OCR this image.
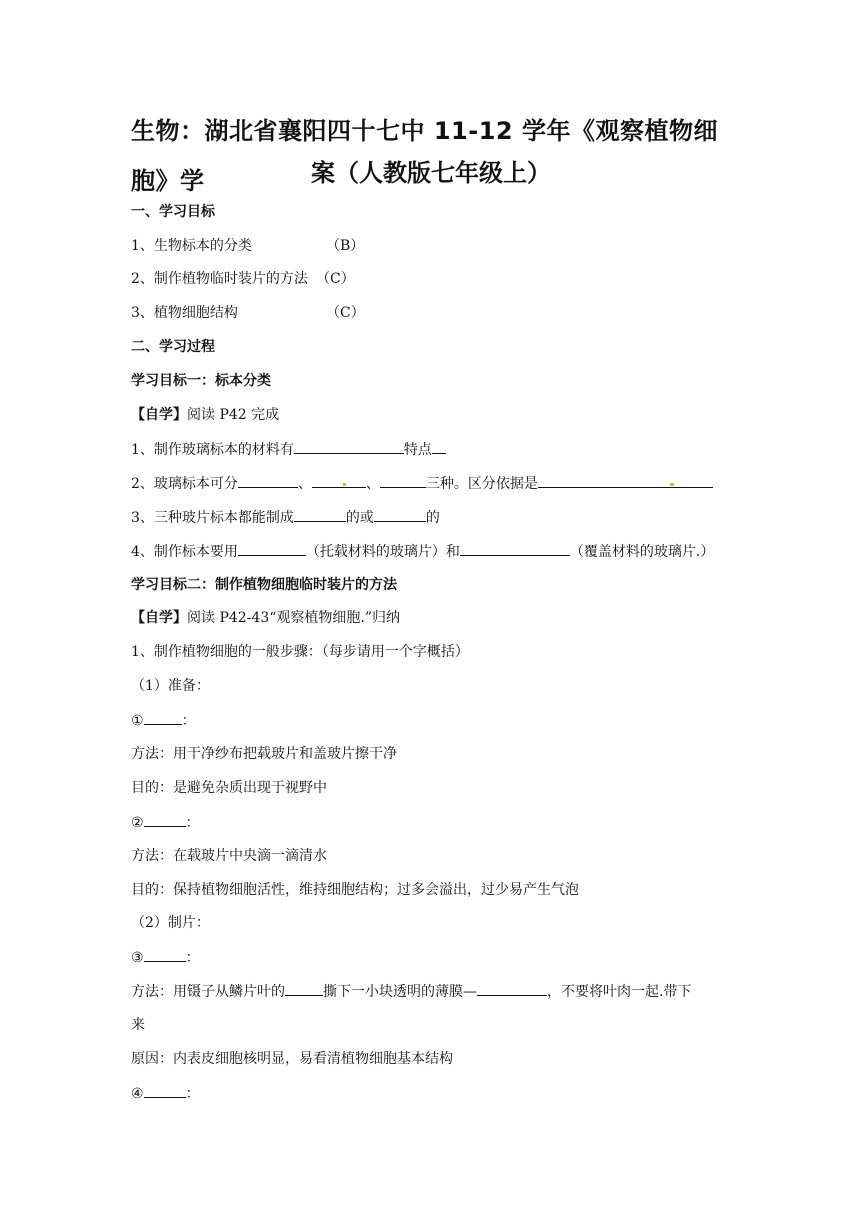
生物：湖北省襄阳四十七中 11-12 学年《观察植物细胞》学	案（人教版七年级上）
一、学习目标
1、生物标本的分类	（B）
2、制作植物临时装片的方法 （C）
3、植物细胞结构	（C）
二、学习过程
学习目标一：标本分类
【自学】阅读 P42 完成
1、制作玻璃标本的材料有	特点
2、玻璃标本可分	、	、	三种。区分依据是
3、三种玻片标本都能制成	的或	的
4、制作标本要用	（托载材料的玻璃片）和	（覆盖材料的玻璃片.）
学习目标二：制作植物细胞临时装片的方法
【自学】阅读 P42-43“观察植物细胞.”归纳
1、制作植物细胞的一般步骤：（每步请用一个字概括）
（1）准备：
①	：
方法：用干净纱布把载玻片和盖玻片擦干净
目的：是避免杂质出现于视野中
②	：
方法：在载玻片中央滴一滴清水
目的：保持植物细胞活性，维持细胞结构；过多会溢出，过少易产生气泡
（2）制片：
③	：
方法：用镊子从鳞片叶的	撕下一小块透明的薄膜—	，不要将叶肉一起.带下
来
原因：内表皮细胞核明显，易看清植物细胞基本结构
④	：
